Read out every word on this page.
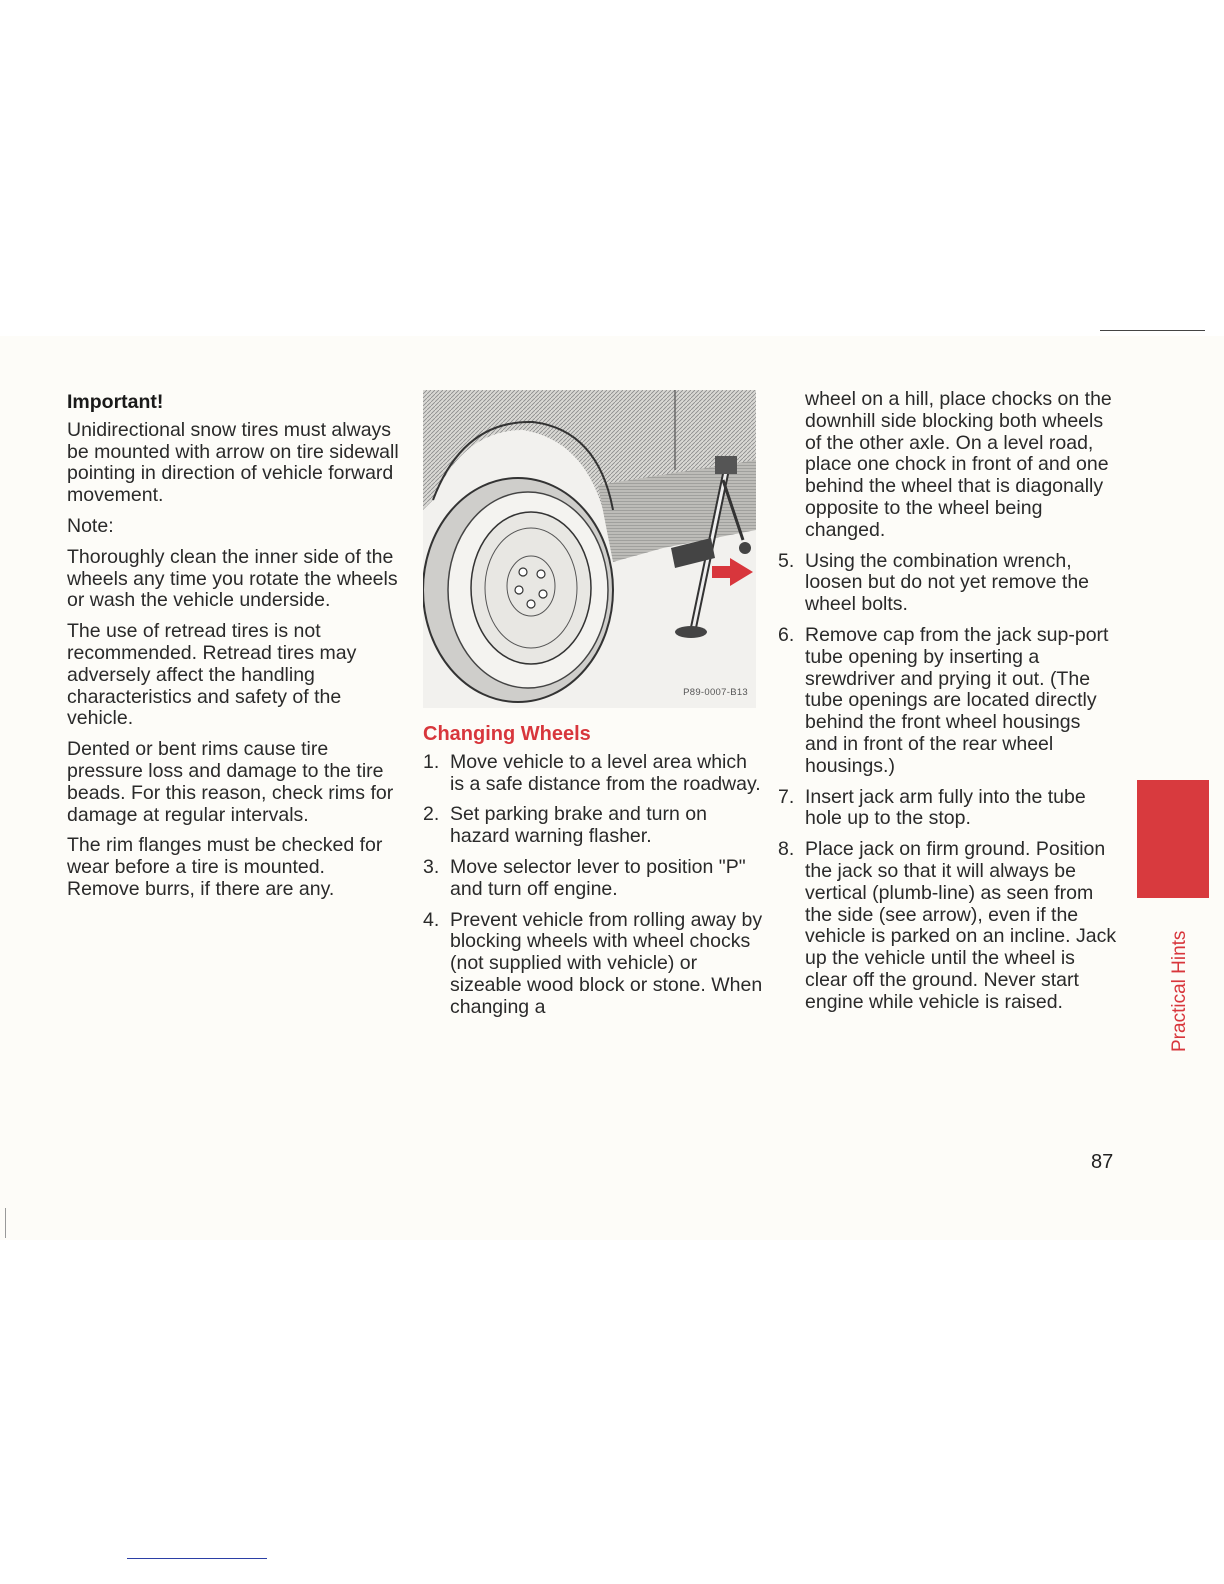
Important!

Unidirectional snow tires must always be mounted with arrow on tire sidewall pointing in direction of vehicle forward movement.

Note:

Thoroughly clean the inner side of the wheels any time you rotate the wheels or wash the vehicle underside.

The use of retread tires is not recommended. Retread tires may adversely affect the handling characteristics and safety of the vehicle.

Dented or bent rims cause tire pressure loss and damage to the tire beads. For this reason, check rims for damage at regular intervals.

The rim flanges must be checked for wear before a tire is mounted. Remove burrs, if there are any.

P89-0007-B13
Changing Wheels
1. Move vehicle to a level area which is a safe distance from the roadway.
2. Set parking brake and turn on hazard warning flasher.
3. Move selector lever to position "P" and turn off engine.
4. Prevent vehicle from rolling away by blocking wheels with wheel chocks (not supplied with vehicle) or sizeable wood block or stone. When changing a

wheel on a hill, place chocks on the downhill side blocking both wheels of the other axle. On a level road, place one chock in front of and one behind the wheel that is diagonally opposite to the wheel being changed.

5. Using the combination wrench, loosen but do not yet remove the wheel bolts.
6. Remove cap from the jack sup-port tube opening by inserting a srewdriver and prying it out. (The tube openings are located directly behind the front wheel housings and in front of the rear wheel housings.)
7. Insert jack arm fully into the tube hole up to the stop.
8. Place jack on firm ground. Position the jack so that it will always be vertical (plumb-line) as seen from the side (see arrow), even if the vehicle is parked on an incline. Jack up the vehicle until the wheel is clear off the ground. Never start engine while vehicle is raised.	Practical Hints
87
